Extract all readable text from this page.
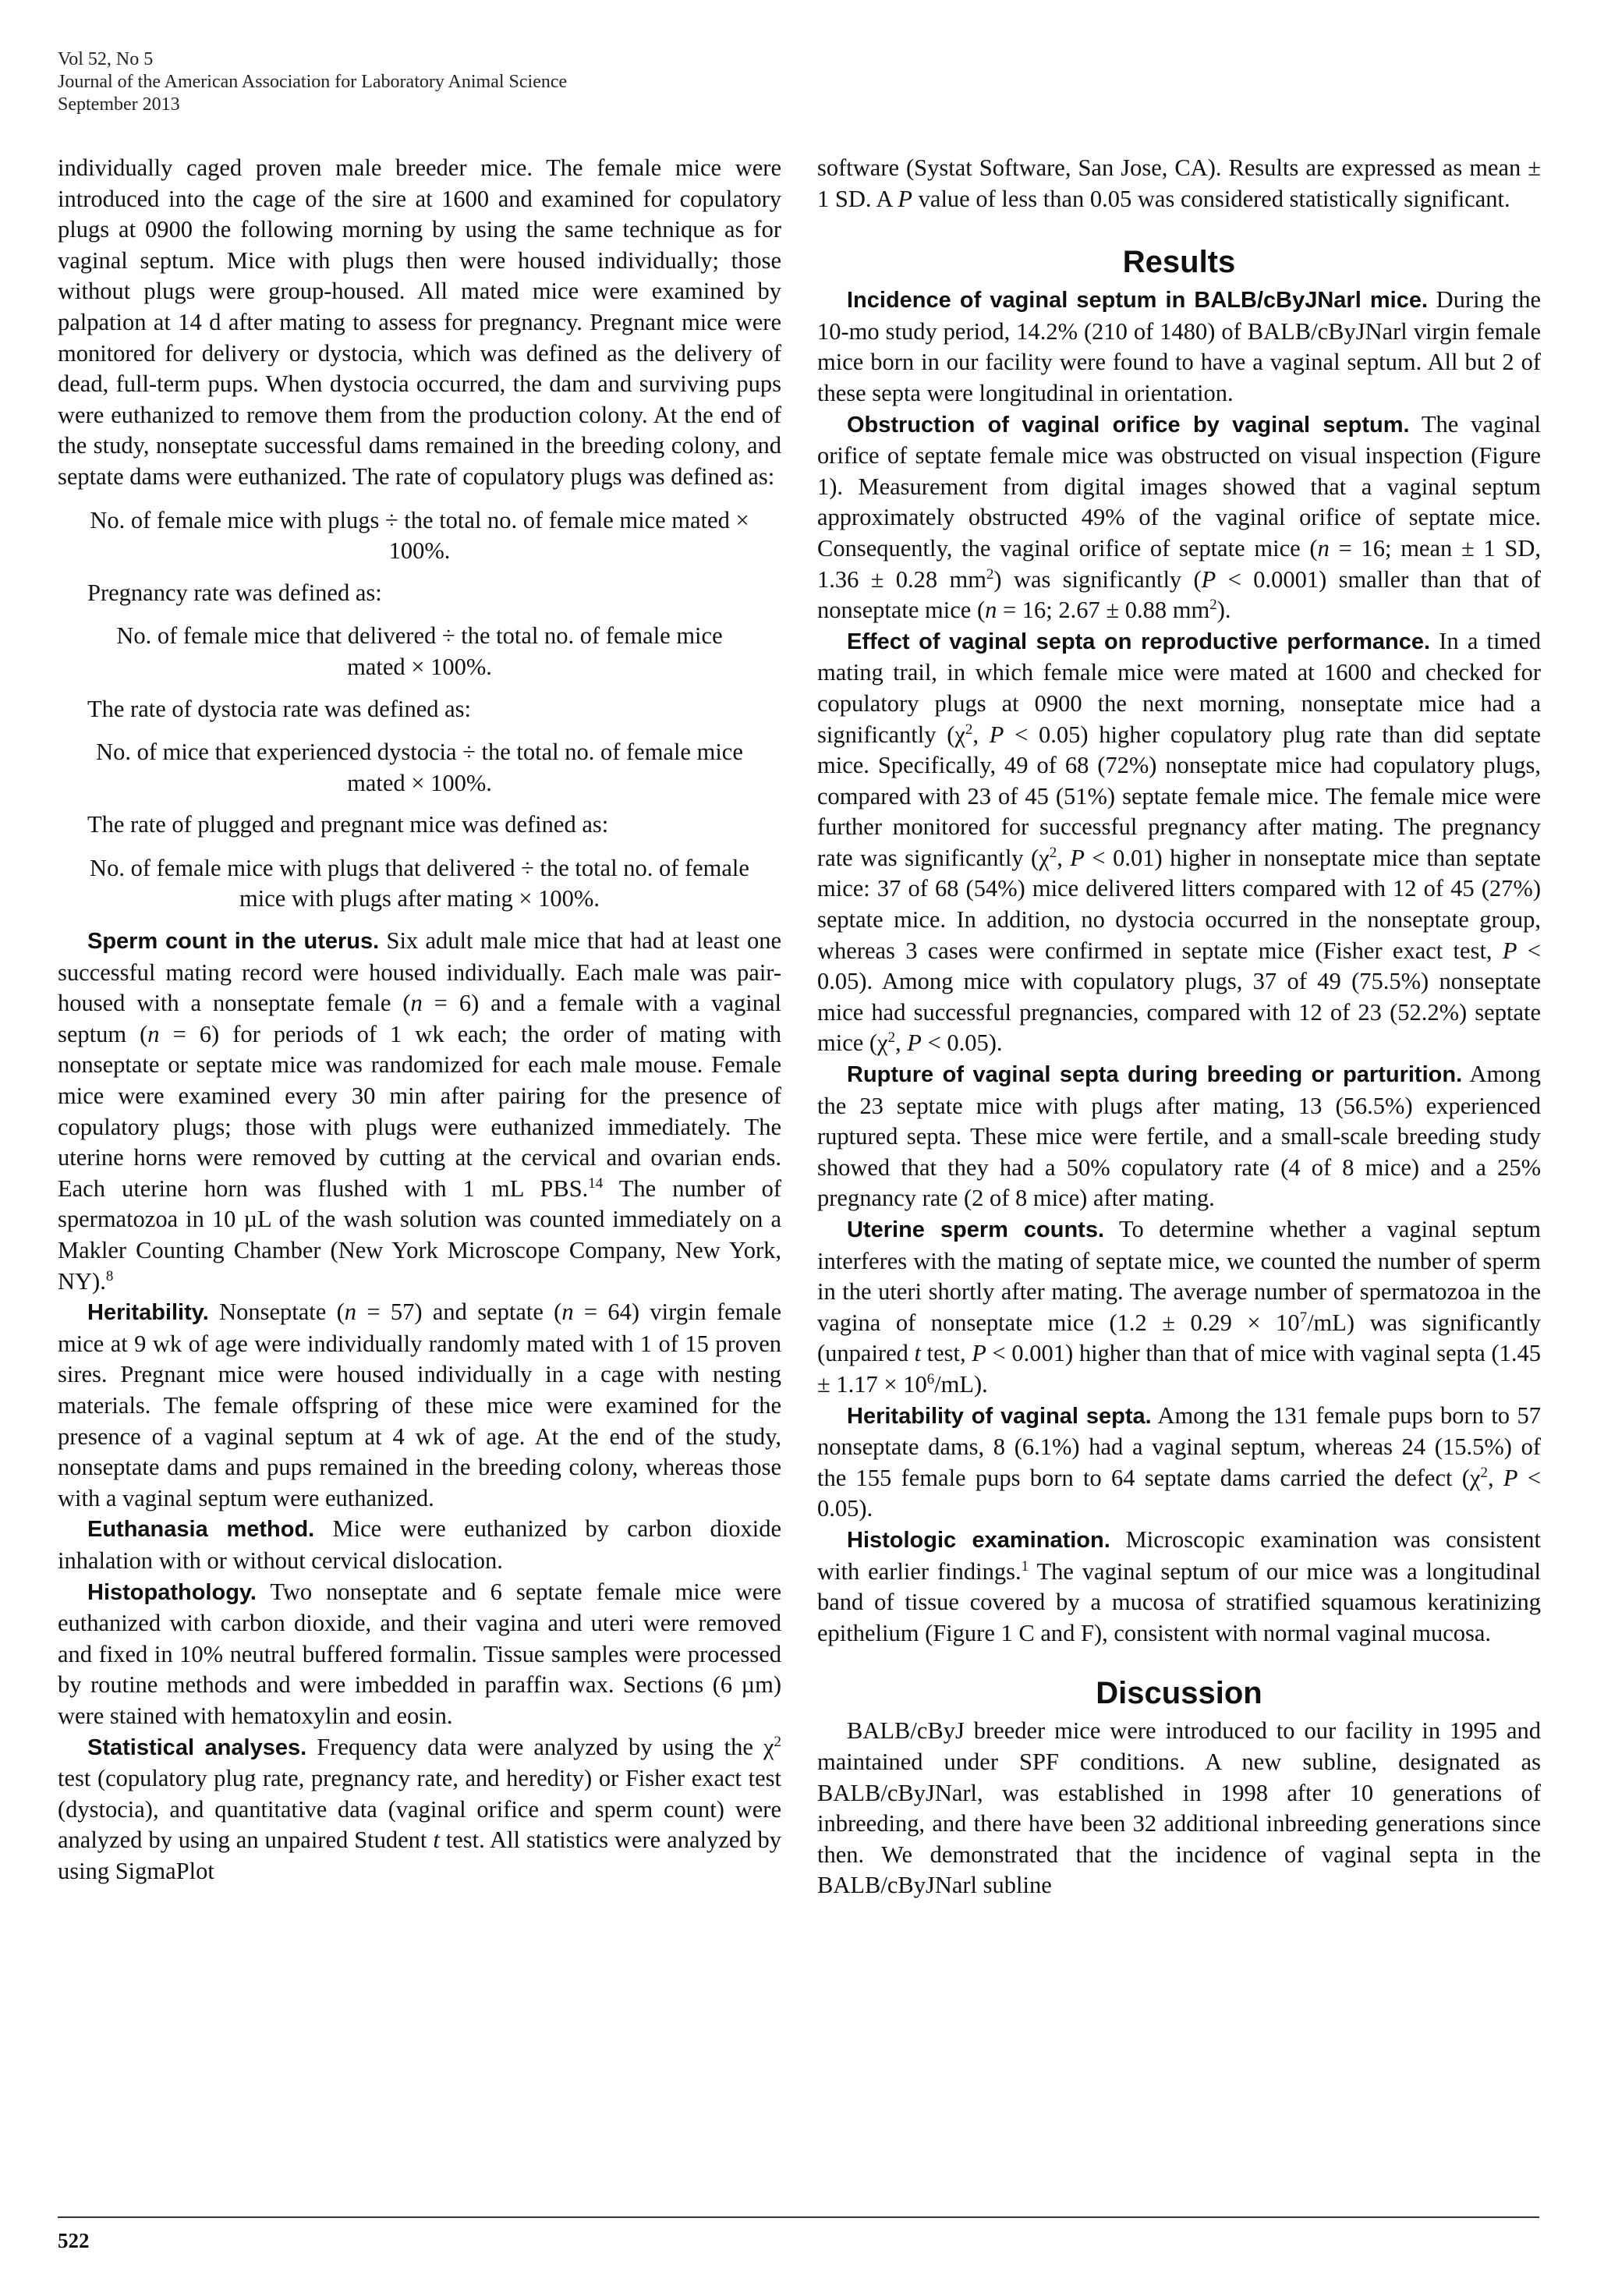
Vol 52, No 5
Journal of the American Association for Laboratory Animal Science
September 2013

individually caged proven male breeder mice. The female mice were introduced into the cage of the sire at 1600 and examined for copulatory plugs at 0900 the following morning by using the same technique as for vaginal septum. Mice with plugs then were housed individually; those without plugs were group-housed. All mated mice were examined by palpation at 14 d after mating to assess for pregnancy. Pregnant mice were monitored for delivery or dystocia, which was defined as the delivery of dead, full-term pups. When dystocia occurred, the dam and surviving pups were euthanized to remove them from the production colony. At the end of the study, nonseptate successful dams remained in the breeding colony, and septate dams were euthanized. The rate of copulatory plugs was defined as:

No. of female mice with plugs ÷ the total no. of female mice mated × 100%.

Pregnancy rate was defined as:

No. of female mice that delivered ÷ the total no. of female mice mated × 100%.

The rate of dystocia rate was defined as:

No. of mice that experienced dystocia ÷ the total no. of female mice mated × 100%.

The rate of plugged and pregnant mice was defined as:

No. of female mice with plugs that delivered ÷ the total no. of female mice with plugs after mating × 100%.

Sperm count in the uterus. Six adult male mice that had at least one successful mating record were housed individually. Each male was pair-housed with a nonseptate female (n = 6) and a female with a vaginal septum (n = 6) for periods of 1 wk each; the order of mating with nonseptate or septate mice was randomized for each male mouse. Female mice were examined every 30 min after pairing for the presence of copulatory plugs; those with plugs were euthanized immediately. The uterine horns were removed by cutting at the cervical and ovarian ends. Each uterine horn was flushed with 1 mL PBS.$^{14}$ The number of spermatozoa in 10 µL of the wash solution was counted immediately on a Makler Counting Chamber (New York Microscope Company, New York, NY).$^8$

Heritability. Nonseptate (n = 57) and septate (n = 64) virgin female mice at 9 wk of age were individually randomly mated with 1 of 15 proven sires. Pregnant mice were housed individually in a cage with nesting materials. The female offspring of these mice were examined for the presence of a vaginal septum at 4 wk of age. At the end of the study, nonseptate dams and pups remained in the breeding colony, whereas those with a vaginal septum were euthanized.

Euthanasia method. Mice were euthanized by carbon dioxide inhalation with or without cervical dislocation.

Histopathology. Two nonseptate and 6 septate female mice were euthanized with carbon dioxide, and their vagina and uteri were removed and fixed in 10% neutral buffered formalin. Tissue samples were processed by routine methods and were imbedded in paraffin wax. Sections (6 µm) were stained with hematoxylin and eosin.

Statistical analyses. Frequency data were analyzed by using the $\chi^2$ test (copulatory plug rate, pregnancy rate, and heredity) or Fisher exact test (dystocia), and quantitative data (vaginal orifice and sperm count) were analyzed by using an unpaired Student t test. All statistics were analyzed by using SigmaPlot

software (Systat Software, San Jose, CA). Results are expressed as mean ± 1 SD. A P value of less than 0.05 was considered statistically significant.

Results

Incidence of vaginal septum in BALB/cByJNarl mice. During the 10-mo study period, 14.2% (210 of 1480) of BALB/cByJNarl virgin female mice born in our facility were found to have a vaginal septum. All but 2 of these septa were longitudinal in orientation.

Obstruction of vaginal orifice by vaginal septum. The vaginal orifice of septate female mice was obstructed on visual inspection (Figure 1). Measurement from digital images showed that a vaginal septum approximately obstructed 49% of the vaginal orifice of septate mice. Consequently, the vaginal orifice of septate mice (n = 16; mean ± 1 SD, 1.36 ± 0.28 $mm^2$) was significantly (P < 0.0001) smaller than that of nonseptate mice (n = 16; 2.67 ± 0.88 $mm^2$).

Effect of vaginal septa on reproductive performance. In a timed mating trail, in which female mice were mated at 1600 and checked for copulatory plugs at 0900 the next morning, nonseptate mice had a significantly ($\chi^2$, P < 0.05) higher copulatory plug rate than did septate mice. Specifically, 49 of 68 (72%) nonseptate mice had copulatory plugs, compared with 23 of 45 (51%) septate female mice. The female mice were further monitored for successful pregnancy after mating. The pregnancy rate was significantly ($\chi^2$, P < 0.01) higher in nonseptate mice than septate mice: 37 of 68 (54%) mice delivered litters compared with 12 of 45 (27%) septate mice. In addition, no dystocia occurred in the nonseptate group, whereas 3 cases were confirmed in septate mice (Fisher exact test, P < 0.05). Among mice with copulatory plugs, 37 of 49 (75.5%) nonseptate mice had successful pregnancies, compared with 12 of 23 (52.2%) septate mice ($\chi^2$, P < 0.05).

Rupture of vaginal septa during breeding or parturition. Among the 23 septate mice with plugs after mating, 13 (56.5%) experienced ruptured septa. These mice were fertile, and a small-scale breeding study showed that they had a 50% copulatory rate (4 of 8 mice) and a 25% pregnancy rate (2 of 8 mice) after mating.

Uterine sperm counts. To determine whether a vaginal septum interferes with the mating of septate mice, we counted the number of sperm in the uteri shortly after mating. The average number of spermatozoa in the vagina of nonseptate mice $(1.2 \pm 0.29 \times 10^7/mL)$ was significantly (unpaired t test, P < 0.001) higher than that of mice with vaginal septa $(1.45 \pm 1.17 \times 10^6/mL)$.

Heritability of vaginal septa. Among the 131 female pups born to 57 nonseptate dams, 8 (6.1%) had a vaginal septum, whereas 24 (15.5%) of the 155 female pups born to 64 septate dams carried the defect ($\chi^2$, P < 0.05).

Histologic examination. Microscopic examination was consistent with earlier findings.$^1$ The vaginal septum of our mice was a longitudinal band of tissue covered by a mucosa of stratified squamous keratinizing epithelium (Figure 1 C and F), consistent with normal vaginal mucosa.

Discussion

BALB/cByJ breeder mice were introduced to our facility in 1995 and maintained under SPF conditions. A new subline, designated as BALB/cByJNarl, was established in 1998 after 10 generations of inbreeding, and there have been 32 additional inbreeding generations since then. We demonstrated that the incidence of vaginal septa in the BALB/cByJNarl subline

522
